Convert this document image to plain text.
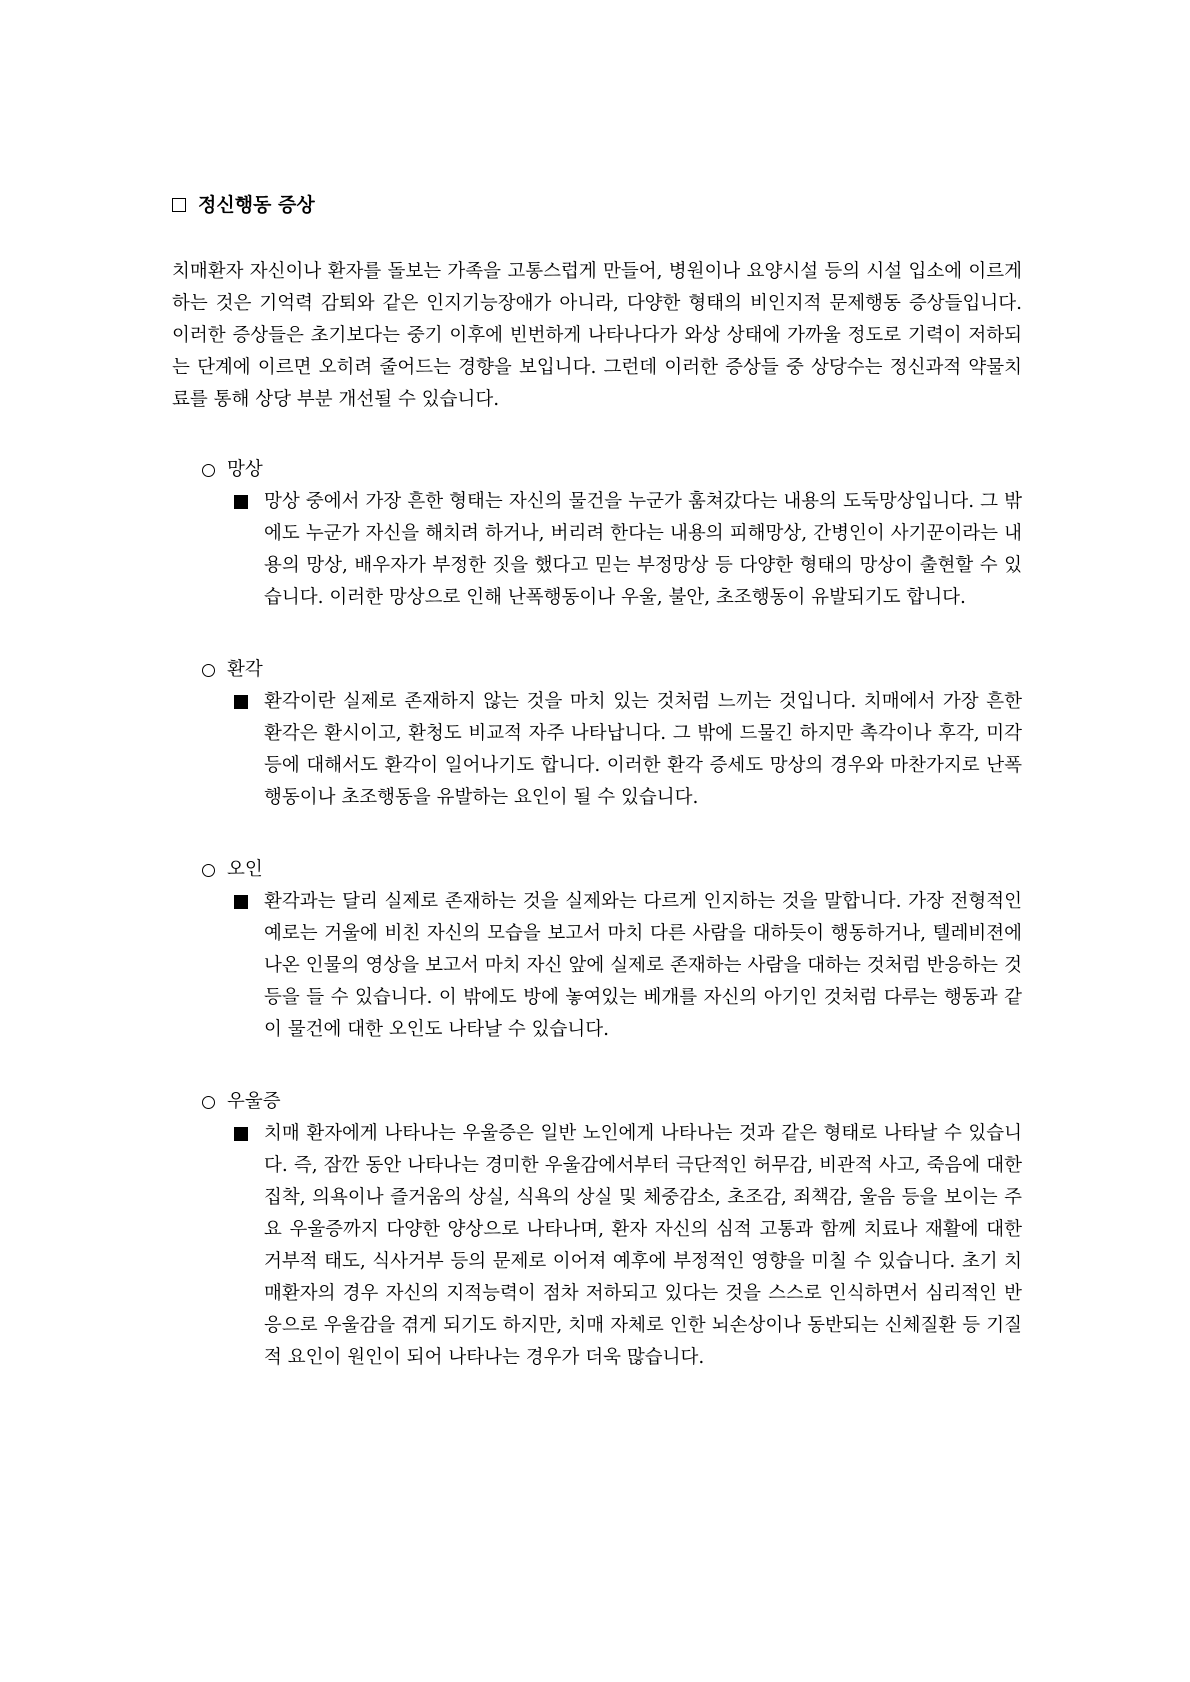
정신행동 증상

치매환자 자신이나 환자를 돌보는 가족을 고통스럽게 만들어, 병원이나 요양시설 등의 시설 입소에 이르게 하는 것은 기억력 감퇴와 같은 인지기능장애가 아니라, 다양한 형태의 비인지적 문제행동 증상들입니다. 이러한 증상들은 초기보다는 중기 이후에 빈번하게 나타나다가 와상 상태에 가까울 정도로 기력이 저하되는 단계에 이르면 오히려 줄어드는 경향을 보입니다. 그런데 이러한 증상들 중 상당수는 정신과적 약물치료를 통해 상당 부분 개선될 수 있습니다.

망상
망상 중에서 가장 흔한 형태는 자신의 물건을 누군가 훔쳐갔다는 내용의 도둑망상입니다. 그 밖에도 누군가 자신을 해치려 하거나, 버리려 한다는 내용의 피해망상, 간병인이 사기꾼이라는 내용의 망상, 배우자가 부정한 짓을 했다고 믿는 부정망상 등 다양한 형태의 망상이 출현할 수 있습니다. 이러한 망상으로 인해 난폭행동이나 우울, 불안, 초조행동이 유발되기도 합니다.
환각
환각이란 실제로 존재하지 않는 것을 마치 있는 것처럼 느끼는 것입니다. 치매에서 가장 흔한 환각은 환시이고, 환청도 비교적 자주 나타납니다. 그 밖에 드물긴 하지만 촉각이나 후각, 미각 등에 대해서도 환각이 일어나기도 합니다. 이러한 환각 증세도 망상의 경우와 마찬가지로 난폭행동이나 초조행동을 유발하는 요인이 될 수 있습니다.
오인
환각과는 달리 실제로 존재하는 것을 실제와는 다르게 인지하는 것을 말합니다. 가장 전형적인 예로는 거울에 비친 자신의 모습을 보고서 마치 다른 사람을 대하듯이 행동하거나, 텔레비젼에 나온 인물의 영상을 보고서 마치 자신 앞에 실제로 존재하는 사람을 대하는 것처럼 반응하는 것 등을 들 수 있습니다. 이 밖에도 방에 놓여있는 베개를 자신의 아기인 것처럼 다루는 행동과 같이 물건에 대한 오인도 나타날 수 있습니다.
우울증
치매 환자에게 나타나는 우울증은 일반 노인에게 나타나는 것과 같은 형태로 나타날 수 있습니다. 즉, 잠깐 동안 나타나는 경미한 우울감에서부터 극단적인 허무감, 비관적 사고, 죽음에 대한 집착, 의욕이나 즐거움의 상실, 식욕의 상실 및 체중감소, 초조감, 죄책감, 울음 등을 보이는 주요 우울증까지 다양한 양상으로 나타나며, 환자 자신의 심적 고통과 함께 치료나 재활에 대한 거부적 태도, 식사거부 등의 문제로 이어져 예후에 부정적인 영향을 미칠 수 있습니다. 초기 치매환자의 경우 자신의 지적능력이 점차 저하되고 있다는 것을 스스로 인식하면서 심리적인 반응으로 우울감을 겪게 되기도 하지만, 치매 자체로 인한 뇌손상이나 동반되는 신체질환 등 기질적 요인이 원인이 되어 나타나는 경우가 더욱 많습니다.
